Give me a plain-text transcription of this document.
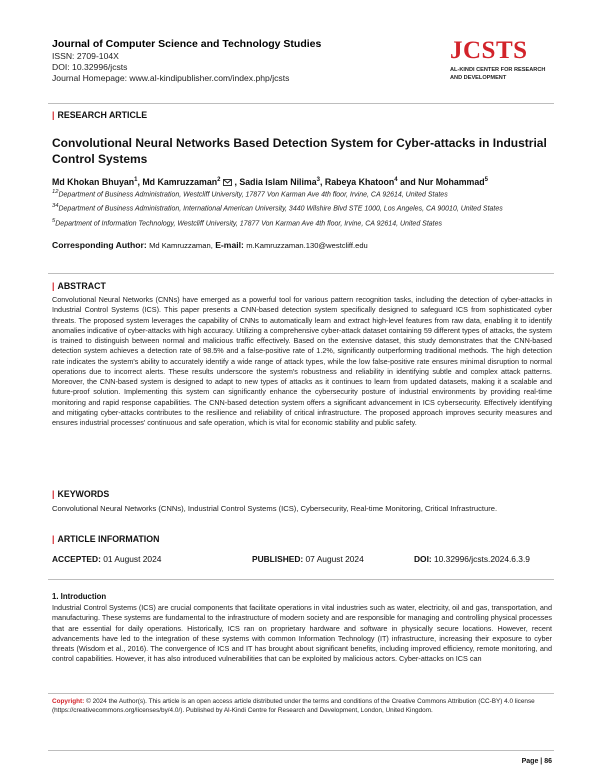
Journal of Computer Science and Technology Studies
ISSN: 2709-104X
DOI: 10.32996/jcsts
Journal Homepage: www.al-kindipublisher.com/index.php/jcsts
JCSTS
AL-KINDI CENTER FOR RESEARCH
AND DEVELOPMENT
| RESEARCH ARTICLE
Convolutional Neural Networks Based Detection System for Cyber-attacks in Industrial Control Systems
Md Khokan Bhuyan$^1$, Md Kamruzzaman$^2$ , Sadia Islam Nilima$^3$, Rabeya Khatoon$^4$ and Nur Mohammad$^5$

$^{12}$Department of Business Administration, Westcliff University, 17877 Von Karman Ave 4th floor, Irvine, CA 92614, United States

$^{34}$Department of Business Administration, International American University, 3440 Wilshire Blvd STE 1000, Los Angeles, CA 90010, United States

$^5$Department of Information Technology, Westcliff University, 17877 Von Karman Ave 4th floor, Irvine, CA 92614, United States

Corresponding Author: Md Kamruzzaman, E-mail: m.Kamruzzaman.130@westcliff.edu
| ABSTRACT
Convolutional Neural Networks (CNNs) have emerged as a powerful tool for various pattern recognition tasks, including the detection of cyber-attacks in Industrial Control Systems (ICS). This paper presents a CNN-based detection system specifically designed to safeguard ICS from sophisticated cyber threats. The proposed system leverages the capability of CNNs to automatically learn and extract high-level features from raw data, enabling it to identify anomalies indicative of cyber-attacks with high accuracy. Utilizing a comprehensive cyber-attack dataset containing 59 different types of attacks, the system is trained to distinguish between normal and malicious traffic effectively. Based on the extensive dataset, this study demonstrates that the CNN-based detection system achieves a detection rate of 98.5% and a false-positive rate of 1.2%, significantly outperforming traditional methods. The high detection rate indicates the system's ability to accurately identify a wide range of attack types, while the low false-positive rate ensures minimal disruption to normal operations due to incorrect alerts. These results underscore the system's robustness and reliability in identifying subtle and complex attack patterns. Moreover, the CNN-based system is designed to adapt to new types of attacks as it continues to learn from updated datasets, making it a scalable and future-proof solution. Implementing this system can significantly enhance the cybersecurity posture of industrial environments by providing real-time monitoring and rapid response capabilities. The CNN-based detection system offers a significant advancement in ICS cybersecurity. Effectively identifying and mitigating cyber-attacks contributes to the resilience and reliability of critical infrastructure. The proposed approach improves security measures and ensures industrial processes' continuous and safe operation, which is vital for economic stability and public safety.
| KEYWORDS
Convolutional Neural Networks (CNNs), Industrial Control Systems (ICS), Cybersecurity, Real-time Monitoring, Critical Infrastructure.
| ARTICLE INFORMATION
ACCEPTED: 01 August 2024	PUBLISHED: 07 August 2024	DOI: 10.32996/jcsts.2024.6.3.9
1. Introduction
Industrial Control Systems (ICS) are crucial components that facilitate operations in vital industries such as water, electricity, oil and gas, transportation, and manufacturing. These systems are fundamental to the infrastructure of modern society and are responsible for managing and controlling physical processes that are essential for daily operations. Historically, ICS ran on proprietary hardware and software in physically secure locations. However, recent advancements have led to the integration of these systems with common Information Technology (IT) infrastructure, increasing their exposure to cyber threats (Wisdom et al., 2016). The convergence of ICS and IT has brought about significant benefits, including improved efficiency, remote monitoring, and control capabilities. However, it has also introduced vulnerabilities that can be exploited by malicious actors. Cyber-attacks on ICS can
Copyright: © 2024 the Author(s). This article is an open access article distributed under the terms and conditions of the Creative Commons Attribution (CC-BY) 4.0 license (https://creativecommons.org/licenses/by/4.0/). Published by Al-Kindi Centre for Research and Development, London, United Kingdom.
Page | 86
